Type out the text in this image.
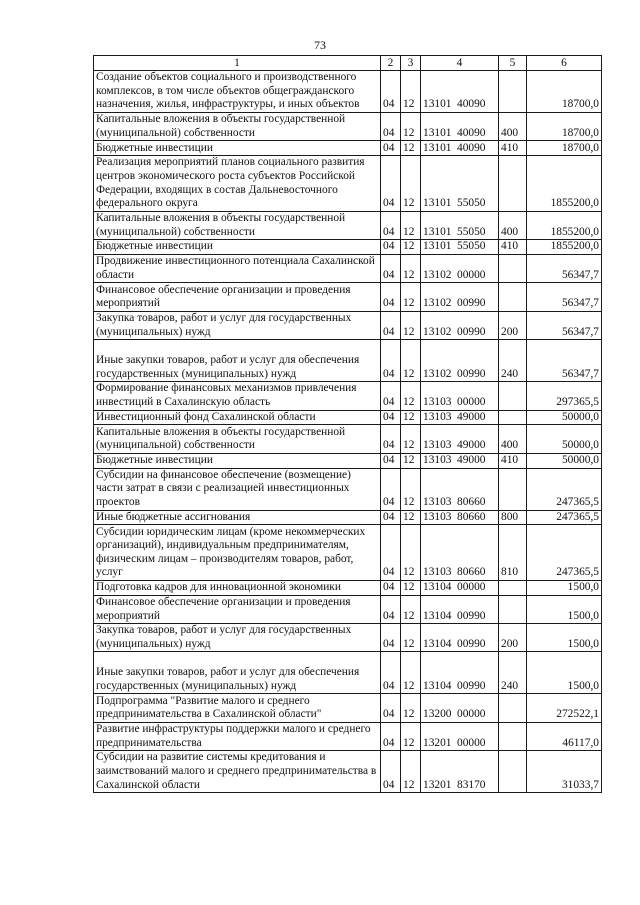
73
1	2	3	4	5	6
Создание объектов социального и производственного комплексов, в том числе объектов общегражданского назначения, жилья, инфраструктуры, и иных объектов	04	12	13101 40090		18700,0
Капитальные вложения в объекты государственной (муниципальной) собственности	04	12	13101 40090	400	18700,0
Бюджетные инвестиции	04	12	13101 40090	410	18700,0
Реализация мероприятий планов социального развития центров экономического роста субъектов Российской Федерации, входящих в состав Дальневосточного федерального округа	04	12	13101 55050		1855200,0
Капитальные вложения в объекты государственной (муниципальной) собственности	04	12	13101 55050	400	1855200,0
Бюджетные инвестиции	04	12	13101 55050	410	1855200,0
Продвижение инвестиционного потенциала Сахалинской области	04	12	13102 00000		56347,7
Финансовое обеспечение организации и проведения мероприятий	04	12	13102 00990		56347,7
Закупка товаров, работ и услуг для государственных (муниципальных) нужд	04	12	13102 00990	200	56347,7
Иные закупки товаров, работ и услуг для обеспечения государственных (муниципальных) нужд	04	12	13102 00990	240	56347,7
Формирование финансовых механизмов привлечения инвестиций в Сахалинскую область	04	12	13103 00000		297365,5
Инвестиционный фонд Сахалинской области	04	12	13103 49000		50000,0
Капитальные вложения в объекты государственной (муниципальной) собственности	04	12	13103 49000	400	50000,0
Бюджетные инвестиции	04	12	13103 49000	410	50000,0
Субсидии на финансовое обеспечение (возмещение) части затрат в связи с реализацией инвестиционных проектов	04	12	13103 80660		247365,5
Иные бюджетные ассигнования	04	12	13103 80660	800	247365,5
Субсидии юридическим лицам (кроме некоммерческих организаций), индивидуальным предпринимателям, физическим лицам – производителям товаров, работ, услуг	04	12	13103 80660	810	247365,5
Подготовка кадров для инновационной экономики	04	12	13104 00000		1500,0
Финансовое обеспечение организации и проведения мероприятий	04	12	13104 00990		1500,0
Закупка товаров, работ и услуг для государственных (муниципальных) нужд	04	12	13104 00990	200	1500,0
Иные закупки товаров, работ и услуг для обеспечения государственных (муниципальных) нужд	04	12	13104 00990	240	1500,0
Подпрограмма "Развитие малого и среднего предпринимательства в Сахалинской области"	04	12	13200 00000		272522,1
Развитие инфраструктуры поддержки малого и среднего предпринимательства	04	12	13201 00000		46117,0
Субсидии на развитие системы кредитования и заимствований малого и среднего предпринимательства в Сахалинской области	04	12	13201 83170		31033,7
